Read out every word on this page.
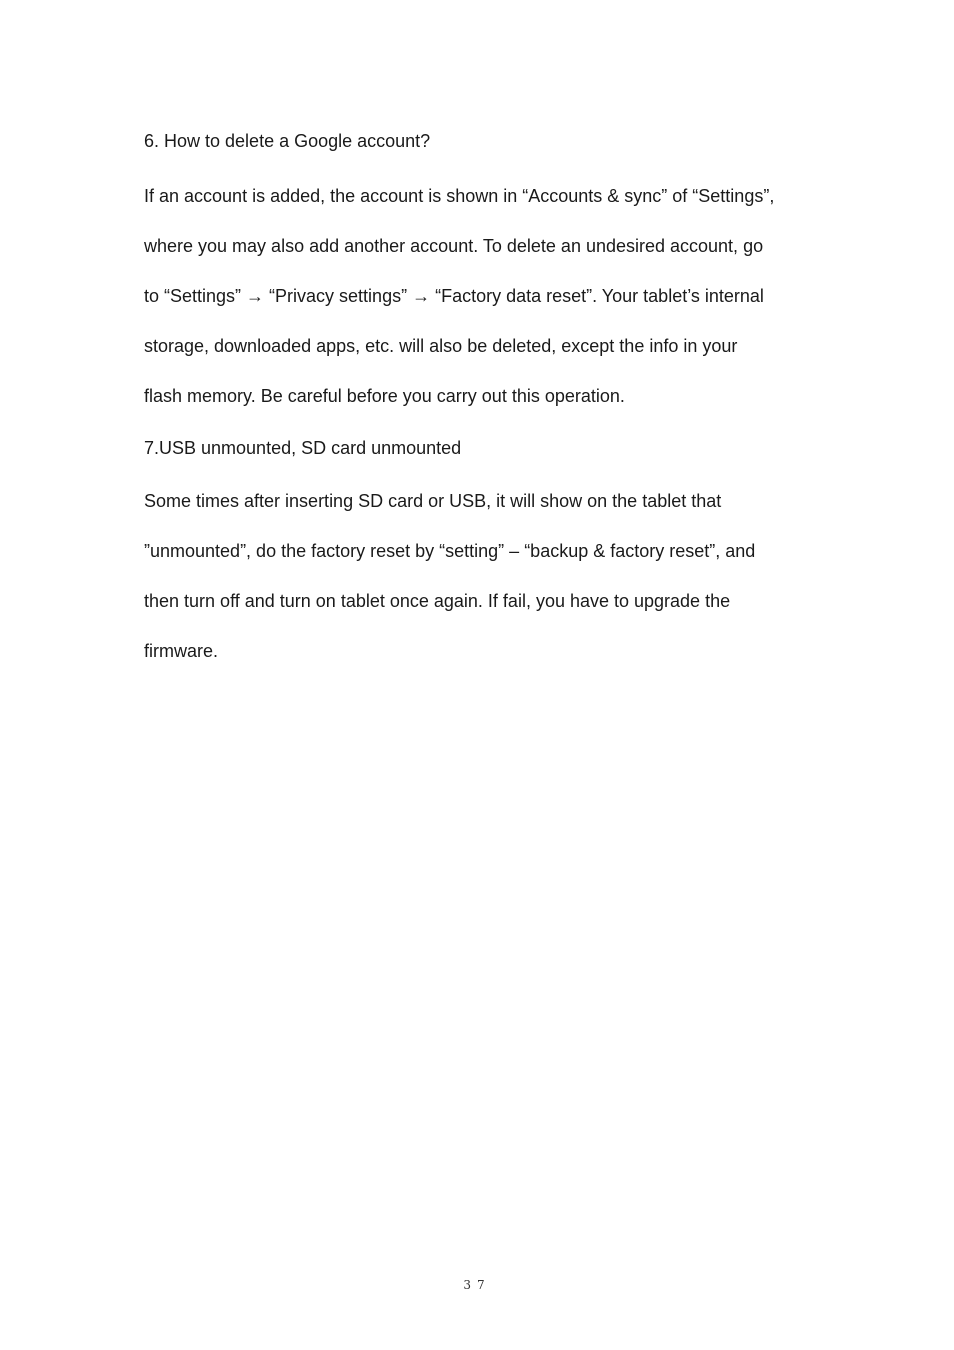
6. How to delete a Google account?

If an account is added, the account is shown in “Accounts & sync” of “Settings”,
where you may also add another account. To delete an undesired account, go
to “Settings” → “Privacy settings” → “Factory data reset”. Your tablet’s internal
storage, downloaded apps, etc. will also be deleted, except the info in your
flash memory. Be careful before you carry out this operation.

7.USB unmounted, SD card unmounted

Some times after inserting SD card or USB, it will show on the tablet that
”unmounted”, do the factory reset by “setting” – “backup & factory reset”, and
then turn off and turn on tablet once again. If fail, you have to upgrade the
firmware.

37
